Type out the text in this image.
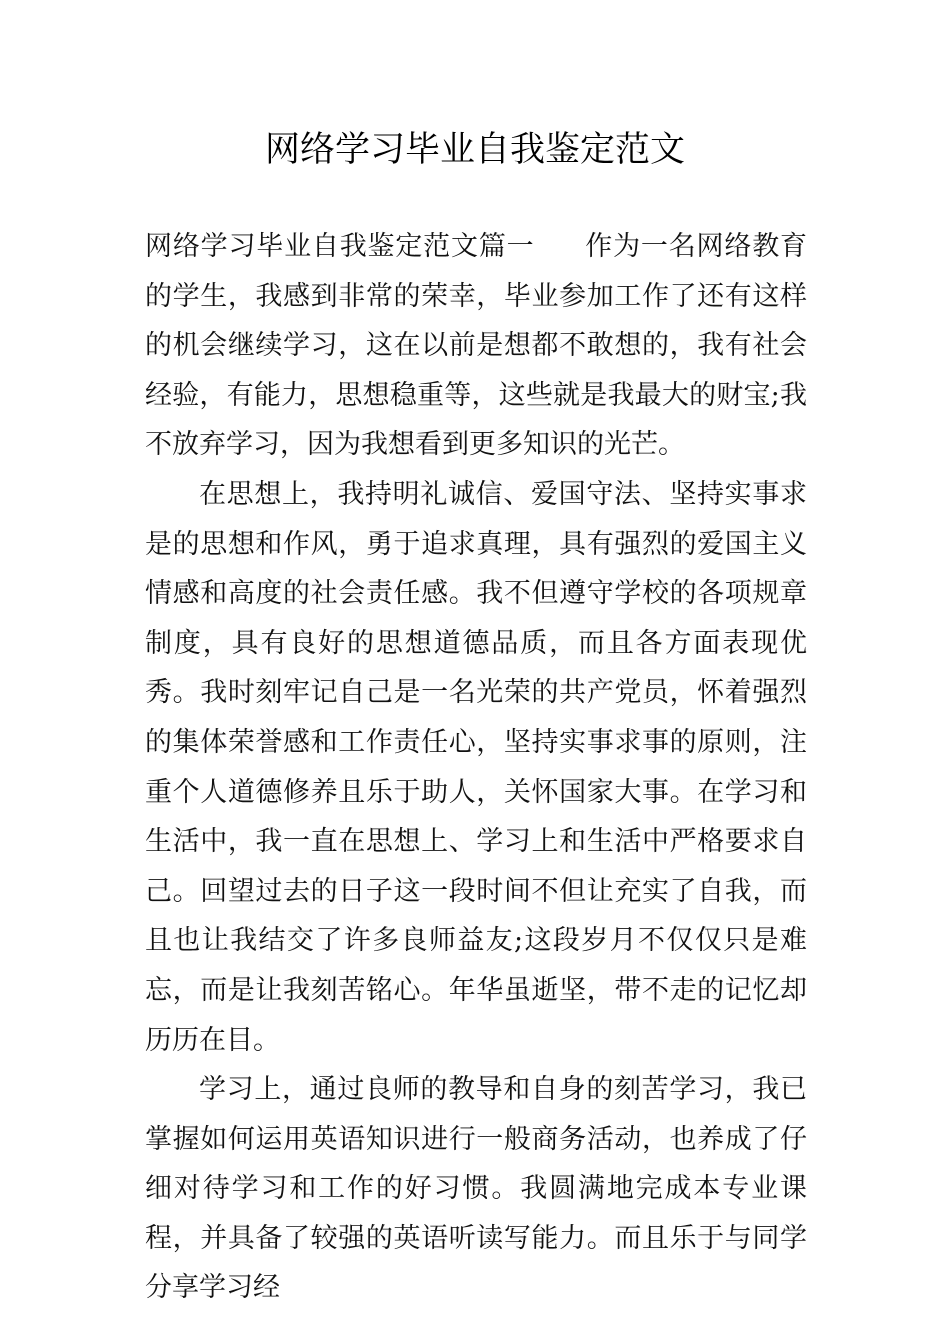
网络学习毕业自我鉴定范文

网络学习毕业自我鉴定范文篇一 作为一名网络教育的学生，我感到非常的荣幸，毕业参加工作了还有这样的机会继续学习，这在以前是想都不敢想的，我有社会经验，有能力，思想稳重等，这些就是我最大的财宝;我不放弃学习，因为我想看到更多知识的光芒。

在思想上，我持明礼诚信、爱国守法、坚持实事求是的思想和作风，勇于追求真理，具有强烈的爱国主义情感和高度的社会责任感。我不但遵守学校的各项规章制度，具有良好的思想道德品质，而且各方面表现优秀。我时刻牢记自己是一名光荣的共产党员，怀着强烈的集体荣誉感和工作责任心，坚持实事求事的原则，注重个人道德修养且乐于助人，关怀国家大事。在学习和生活中，我一直在思想上、学习上和生活中严格要求自己。回望过去的日子这一段时间不但让充实了自我，而且也让我结交了许多良师益友;这段岁月不仅仅只是难忘，而是让我刻苦铭心。年华虽逝坚，带不走的记忆却历历在目。

学习上，通过良师的教导和自身的刻苦学习，我已掌握如何运用英语知识进行一般商务活动，也养成了仔细对待学习和工作的好习惯。我圆满地完成本专业课程，并具备了较强的英语听读写能力。而且乐于与同学分享学习经
